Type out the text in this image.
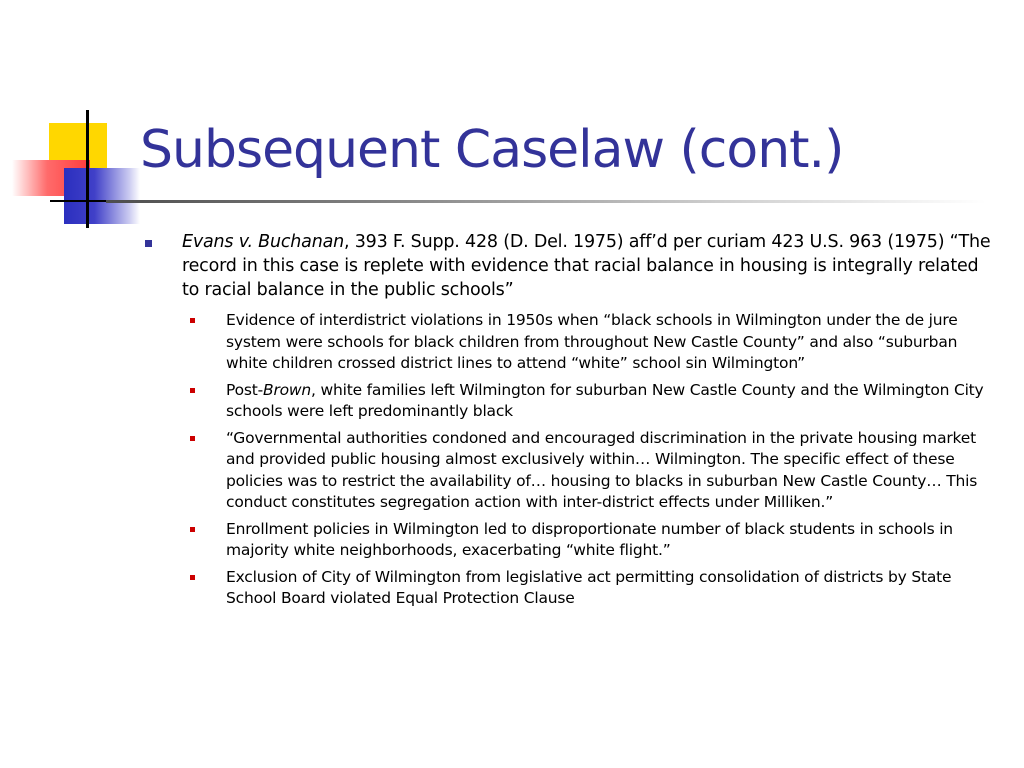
Subsequent Caselaw (cont.)
Evans v. Buchanan, 393 F. Supp. 428 (D. Del. 1975) aff’d per curiam 423 U.S. 963 (1975) “The record in this case is replete with evidence that racial balance in housing is integrally related to racial balance in the public schools”
Evidence of interdistrict violations in 1950s when “black schools in Wilmington under the de jure system were schools for black children from throughout New Castle County” and also “suburban white children crossed district lines to attend “white” school sin Wilmington”
Post-Brown, white families left Wilmington for suburban New Castle County and the Wilmington City schools were left predominantly black
“Governmental authorities condoned and encouraged discrimination in the private housing market and provided public housing almost exclusively within… Wilmington. The specific effect of these policies was to restrict the availability of… housing to blacks in suburban New Castle County… This conduct constitutes segregation action with inter-district effects under Milliken.”
Enrollment policies in Wilmington led to disproportionate number of black students in schools in majority white neighborhoods, exacerbating “white flight.”
Exclusion of City of Wilmington from legislative act permitting consolidation of districts by State School Board violated Equal Protection Clause
